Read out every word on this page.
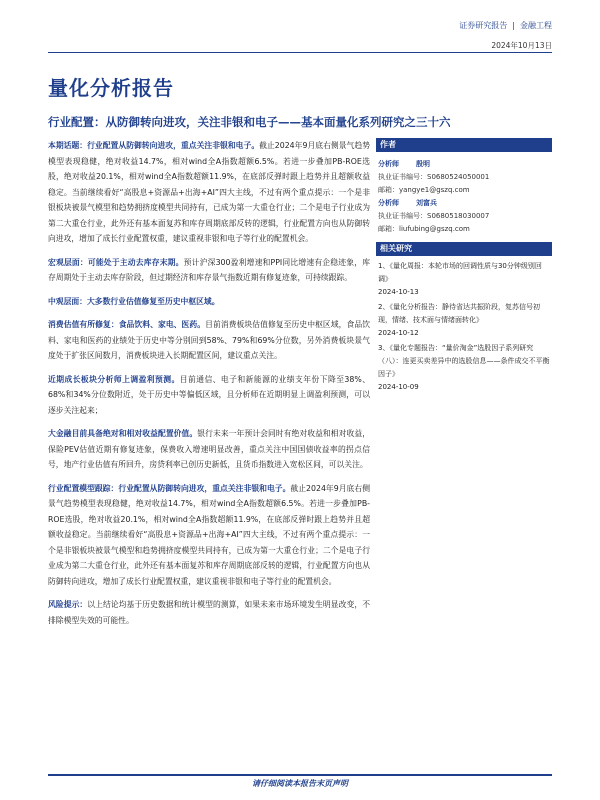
证券研究报告 | 金融工程
2024年10月13日
量化分析报告
行业配置：从防御转向进攻，关注非银和电子——基本面量化系列研究之三十六

本期话题：行业配置从防御转向进攻，重点关注非银和电子。截止2024年9月底右侧景气趋势模型表现稳健，绝对收益14.7%，相对wind全A指数超额6.5%。若进一步叠加PB-ROE选股，绝对收益20.1%，相对wind全A指数超额11.9%，在底部反弹时跟上趋势并且超额收益稳定。当前继续看好“高股息+资源品+出海+AI”四大主线，不过有两个重点提示：一个是非银板块被景气模型和趋势拥挤度模型共同持有，已成为第一大重仓行业；二个是电子行业成为第二大重仓行业，此外还有基本面复苏和库存周期底部反转的逻辑，行业配置方向也从防御转向进攻，增加了成长行业配置权重，建议重视非银和电子等行业的配置机会。

宏观层面：可能处于主动去库存末期。预计沪深300盈利增速和PPI同比增速有企稳迹象，库存周期处于主动去库存阶段，但过期经济和库存景气指数近期有修复迹象，可持续跟踪。

中观层面：大多数行业估值修复至历史中枢区域。

消费估值有所修复：食品饮料、家电、医药。目前消费板块估值修复至历史中枢区域，食品饮料、家电和医药的业绩处于历史中等分别回到58%、79%和69%分位数，另外消费板块景气度处于扩张区间数月，消费板块进入长期配置区间，建议重点关注。

近期成长板块分析师上调盈利预测。目前通信、电子和新能源的业绩支年份下降至38%、68%和34%分位数附近，处于历史中等偏低区域，且分析师在近期明显上调盈利预测，可以逐步关注起来；

大金融目前具备绝对和相对收益配置价值。银行未来一年预计会同时有绝对收益和相对收益，保险PEV估值近期有修复迹象，保费收入增速明显改善，重点关注中国国债收益率的拐点信号，地产行业估值有所回升，房贷利率已创历史新低，且货币指数进入宽松区间，可以关注。

行业配置模型跟踪：行业配置从防御转向进攻，重点关注非银和电子。截止2024年9月底右侧景气趋势模型表现稳健，绝对收益14.7%，相对wind全A指数超额6.5%。若进一步叠加PB-ROE选股，绝对收益20.1%，相对wind全A指数超额11.9%，在底部反弹时跟上趋势并且超额收益稳定。当前继续看好“高股息+资源品+出海+AI”四大主线，不过有两个重点提示：一个是非银板块被景气模型和趋势拥挤度模型共同持有，已成为第一大重仓行业；二个是电子行业成为第二大重仓行业，此外还有基本面复苏和库存周期底部反转的逻辑，行业配置方向也从防御转向进攻，增加了成长行业配置权重，建议重视非银和电子等行业的配置机会。

风险提示：以上结论均基于历史数据和统计模型的测算，如果未来市场环境发生明显改变，不排除模型失效的可能性。

作者
分析师 殷明
执业证书编号：S0680524050001
邮箱：yangye1@gszq.com
分析师 刘富兵
执业证书编号：S0680518030007
邮箱：liufubing@gszq.com
相关研究
1、《量化周报：本轮市场的回调性质与30分钟级别回调》
2024-10-13
2、《量化分析报告：静待省达共振阶段，复苏信号初现，情绪、技术面与情绪面转化》
2024-10-12
3、《量化专题报告：“量价淘金”选股因子系列研究（八）：连更买卖差异中的选股信息——条件成交不平衡因子》
2024-10-09
请仔细阅读本报告末页声明
